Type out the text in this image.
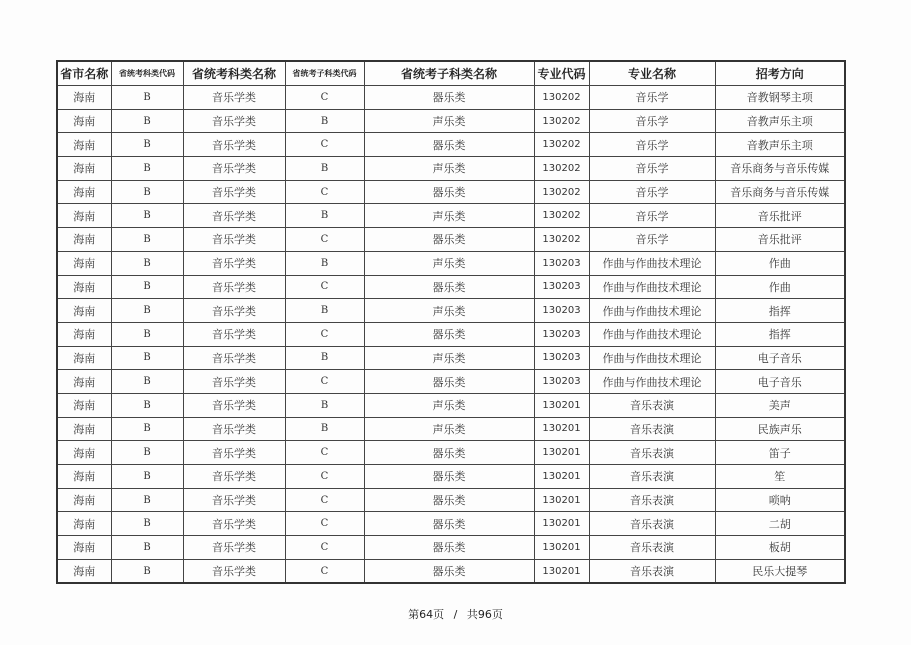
省市名称	省统考科类代码	省统考科类名称	省统考子科类代码	省统考子科类名称	专业代码	专业名称	招考方向
海南	B	音乐学类	C	器乐类	130202	音乐学	音教钢琴主项
海南	B	音乐学类	B	声乐类	130202	音乐学	音教声乐主项
海南	B	音乐学类	C	器乐类	130202	音乐学	音教声乐主项
海南	B	音乐学类	B	声乐类	130202	音乐学	音乐商务与音乐传媒
海南	B	音乐学类	C	器乐类	130202	音乐学	音乐商务与音乐传媒
海南	B	音乐学类	B	声乐类	130202	音乐学	音乐批评
海南	B	音乐学类	C	器乐类	130202	音乐学	音乐批评
海南	B	音乐学类	B	声乐类	130203	作曲与作曲技术理论	作曲
海南	B	音乐学类	C	器乐类	130203	作曲与作曲技术理论	作曲
海南	B	音乐学类	B	声乐类	130203	作曲与作曲技术理论	指挥
海南	B	音乐学类	C	器乐类	130203	作曲与作曲技术理论	指挥
海南	B	音乐学类	B	声乐类	130203	作曲与作曲技术理论	电子音乐
海南	B	音乐学类	C	器乐类	130203	作曲与作曲技术理论	电子音乐
海南	B	音乐学类	B	声乐类	130201	音乐表演	美声
海南	B	音乐学类	B	声乐类	130201	音乐表演	民族声乐
海南	B	音乐学类	C	器乐类	130201	音乐表演	笛子
海南	B	音乐学类	C	器乐类	130201	音乐表演	笙
海南	B	音乐学类	C	器乐类	130201	音乐表演	唢呐
海南	B	音乐学类	C	器乐类	130201	音乐表演	二胡
海南	B	音乐学类	C	器乐类	130201	音乐表演	板胡
海南	B	音乐学类	C	器乐类	130201	音乐表演	民乐大提琴
第64页 / 共96页
